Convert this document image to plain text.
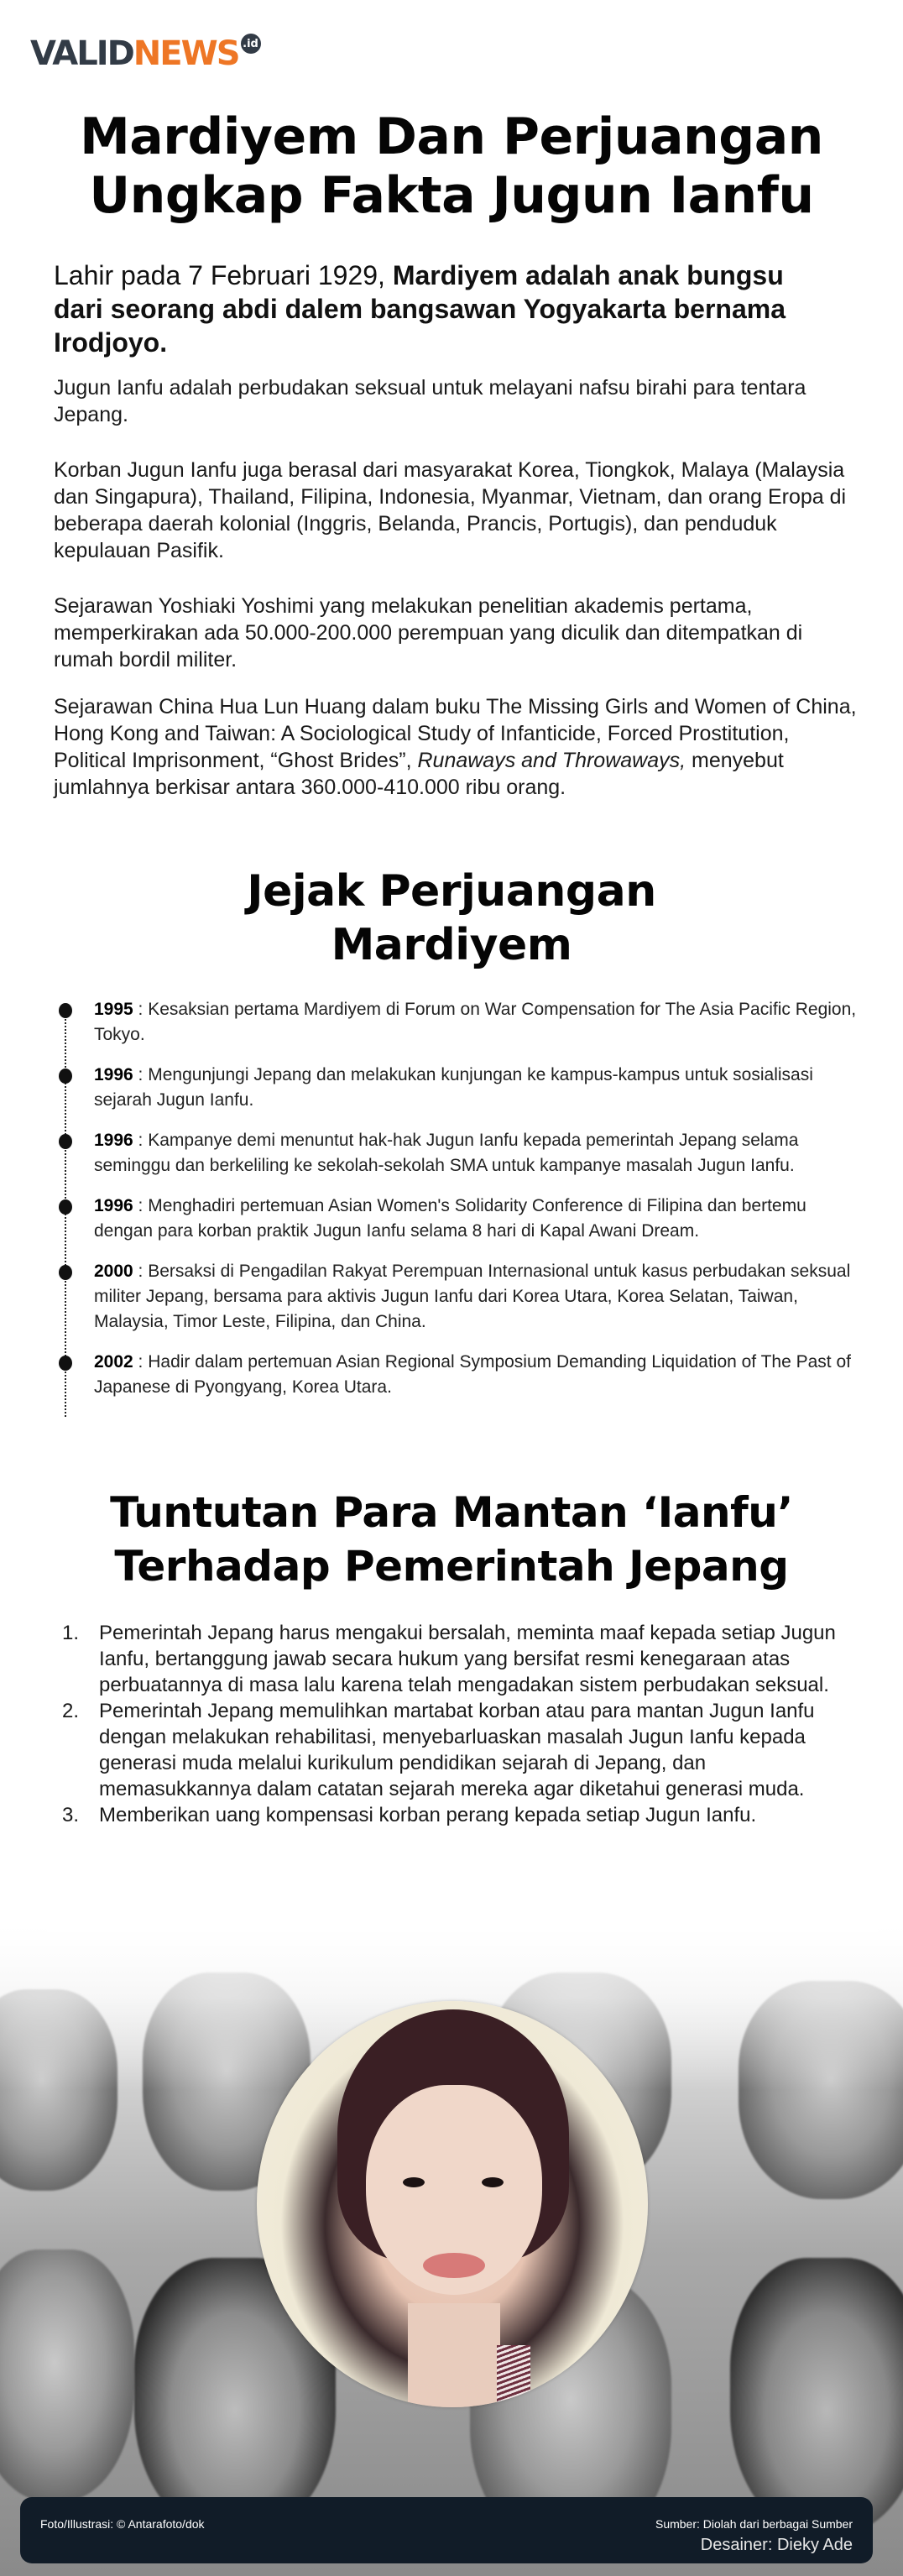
VALID NEWS .id
Mardiyem Dan Perjuangan
Ungkap Fakta Jugun Ianfu

Lahir pada 7 Februari 1929, Mardiyem adalah anak bungsu dari seorang abdi dalem bangsawan Yogyakarta bernama Irodjoyo.

Jugun Ianfu adalah perbudakan seksual untuk melayani nafsu birahi para tentara Jepang.

Korban Jugun Ianfu juga berasal dari masyarakat Korea, Tiongkok, Malaya (Malaysia dan Singapura), Thailand, Filipina, Indonesia, Myanmar, Vietnam, dan orang Eropa di beberapa daerah kolonial (Inggris, Belanda, Prancis, Portugis), dan penduduk kepulauan Pasifik.

Sejarawan Yoshiaki Yoshimi yang melakukan penelitian akademis pertama, memperkirakan ada 50.000-200.000 perempuan yang diculik dan ditempatkan di rumah bordil militer.

Sejarawan China Hua Lun Huang dalam buku The Missing Girls and Women of China, Hong Kong and Taiwan: A Sociological Study of Infanticide, Forced Prostitution, Political Imprisonment, “Ghost Brides”, Runaways and Throwaways, menyebut jumlahnya berkisar antara 360.000-410.000 ribu orang.

Jejak Perjuangan
Mardiyem
1995 : Kesaksian pertama Mardiyem di Forum on War Compensation for The Asia Pacific Region, Tokyo.
1996 : Mengunjungi Jepang dan melakukan kunjungan ke kampus-kampus untuk sosialisasi sejarah Jugun Ianfu.
1996 : Kampanye demi menuntut hak-hak Jugun Ianfu kepada pemerintah Jepang selama seminggu dan berkeliling ke sekolah-sekolah SMA untuk kampanye masalah Jugun Ianfu.
1996 : Menghadiri pertemuan Asian Women's Solidarity Conference di Filipina dan bertemu dengan para korban praktik Jugun Ianfu selama 8 hari di Kapal Awani Dream.
2000 : Bersaksi di Pengadilan Rakyat Perempuan Internasional untuk kasus perbudakan seksual militer Jepang, bersama para aktivis Jugun Ianfu dari Korea Utara, Korea Selatan, Taiwan, Malaysia, Timor Leste, Filipina, dan China.
2002 : Hadir dalam pertemuan Asian Regional Symposium Demanding Liquidation of The Past of Japanese di Pyongyang, Korea Utara.
Tuntutan Para Mantan ‘Ianfu’
Terhadap Pemerintah Jepang
1. Pemerintah Jepang harus mengakui bersalah, meminta maaf kepada setiap Jugun Ianfu, bertanggung jawab secara hukum yang bersifat resmi kenegaraan atas perbuatannya di masa lalu karena telah mengadakan sistem perbudakan seksual.
2. Pemerintah Jepang memulihkan martabat korban atau para mantan Jugun Ianfu dengan melakukan rehabilitasi, menyebarluaskan masalah Jugun Ianfu kepada generasi muda melalui kurikulum pendidikan sejarah di Jepang, dan memasukkannya dalam catatan sejarah mereka agar diketahui generasi muda.
3. Memberikan uang kompensasi korban perang kepada setiap Jugun Ianfu.
Foto/Illustrasi: © Antarafoto/dok	Sumber: Diolah dari berbagai Sumber
Desainer: Dieky Ade
